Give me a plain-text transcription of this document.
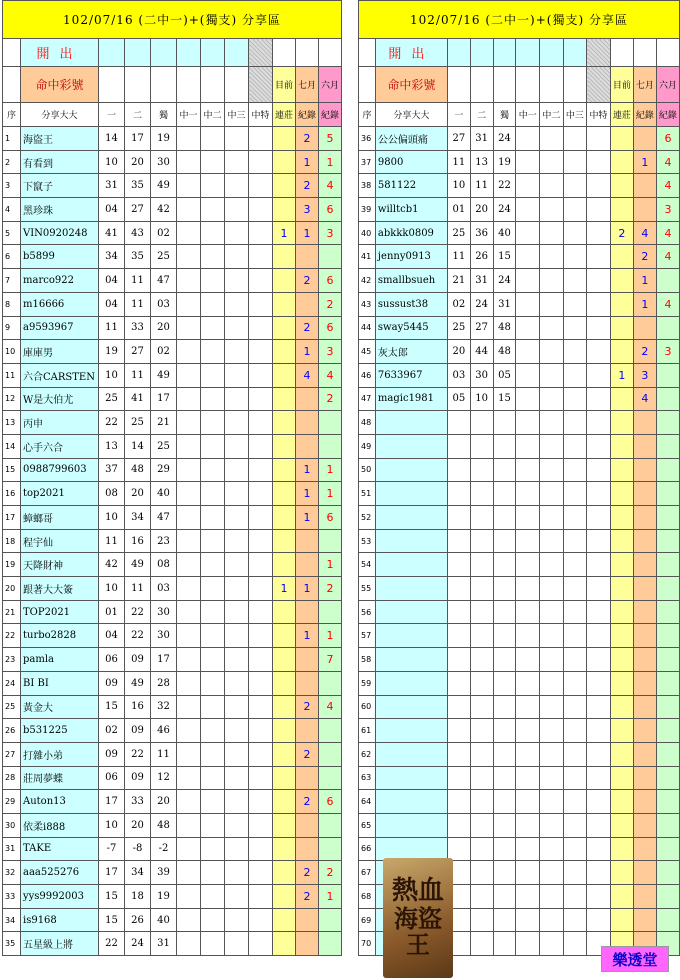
102/07/16 (二中一)+(獨支) 分享區											
	開出										
	命中彩號								目前	七月	六月
序	分享大大	一	二	獨	中一	中二	中三	中特	連莊	紀錄	紀錄
1	海盜王	14	17	19						2	5
2	有看到	10	20	30						1	1
3	下竄子	31	35	49						2	4
4	黑珍珠	04	27	42						3	6
5	VIN0920248	41	43	02					1	1	3
6	b5899	34	35	25							
7	marco922	04	11	47						2	6
8	m16666	04	11	03							2
9	a9593967	11	33	20						2	6
10	庫庫男	19	27	02						1	3
11	六合CARSTEN	10	11	49						4	4
12	W是大伯尤	25	41	17							2
13	丙申	22	25	21							
14	心手六合	13	14	25							
15	0988799603	37	48	29						1	1
16	top2021	08	20	40						1	1
17	蟑螂哥	10	34	47						1	6
18	程宇仙	11	16	23							
19	天降財神	42	49	08							1
20	跟著大大簽	10	11	03					1	1	2
21	TOP2021	01	22	30							
22	turbo2828	04	22	30						1	1
23	pamla	06	09	17							7
24	BI BI	09	49	28							
25	黃金大	15	16	32						2	4
26	b531225	02	09	46							
27	打雜小弟	09	22	11						2	
28	莊周夢蝶	06	09	12							
29	Auton13	17	33	20						2	6
30	依柔i888	10	20	48							
31	TAKE	-7	-8	-2							
32	aaa525276	17	34	39						2	2
33	yys9992003	15	18	19						2	1
34	is9168	15	26	40							
35	五星級上將	22	24	31							
102/07/16 (二中一)+(獨支) 分享區											
	開出										
	命中彩號								目前	七月	六月
序	分享大大	一	二	獨	中一	中二	中三	中特	連莊	紀錄	紀錄
36	公公偏頭痛	27	31	24							6
37	9800	11	13	19						1	4
38	581122	10	11	22							4
39	willtcb1	01	20	24							3
40	abkkk0809	25	36	40					2	4	4
41	jenny0913	11	26	15						2	4
42	smallbsueh	21	31	24						1	
43	sussust38	02	24	31						1	4
44	sway5445	25	27	48							
45	灰太郎	20	44	48						2	3
46	7633967	03	30	05					1	3	
47	magic1981	05	10	15						4	
48											
49											
50											
51											
52											
53											
54											
55											
56											
57											
58											
59											
60											
61											
62											
63											
64											
65											
66											
67											
68											
69											
70											
熱血
海盜
王
樂透堂
